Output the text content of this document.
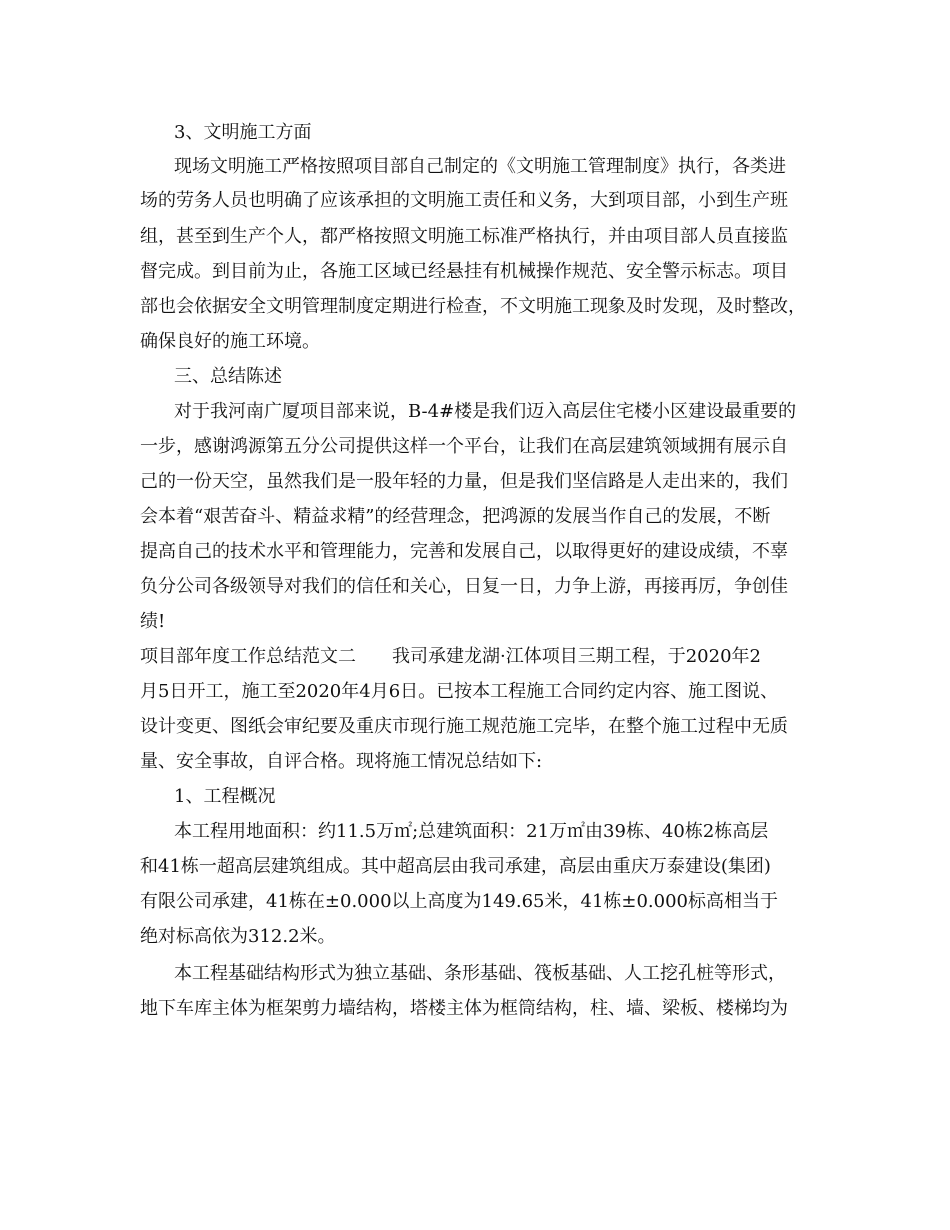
3、文明施工方面
现场文明施工严格按照项目部自己制定的《文明施工管理制度》执行，各类进
场的劳务人员也明确了应该承担的文明施工责任和义务，大到项目部，小到生产班
组，甚至到生产个人，都严格按照文明施工标准严格执行，并由项目部人员直接监
督完成。到目前为止，各施工区域已经悬挂有机械操作规范、安全警示标志。项目
部也会依据安全文明管理制度定期进行检查，不文明施工现象及时发现，及时整改，
确保良好的施工环境。
三、总结陈述
对于我河南广厦项目部来说，B-4#楼是我们迈入高层住宅楼小区建设最重要的
一步，感谢鸿源第五分公司提供这样一个平台，让我们在高层建筑领域拥有展示自
己的一份天空，虽然我们是一股年轻的力量，但是我们坚信路是人走出来的，我们
会本着“艰苦奋斗、精益求精”的经营理念，把鸿源的发展当作自己的发展，不断
提高自己的技术水平和管理能力，完善和发展自己，以取得更好的建设成绩，不辜
负分公司各级领导对我们的信任和关心，日复一日，力争上游，再接再厉，争创佳
绩!
项目部年度工作总结范文二　　我司承建龙湖·江体项目三期工程，于2020年2
月5日开工，施工至2020年4月6日。已按本工程施工合同约定内容、施工图说、
设计变更、图纸会审纪要及重庆市现行施工规范施工完毕，在整个施工过程中无质
量、安全事故，自评合格。现将施工情况总结如下:
1、工程概况
本工程用地面积：约11.5万㎡;总建筑面积：21万㎡由39栋、40栋2栋高层
和41栋一超高层建筑组成。其中超高层由我司承建，高层由重庆万泰建设(集团)
有限公司承建，41栋在±0.000以上高度为149.65米，41栋±0.000标高相当于
绝对标高依为312.2米。
本工程基础结构形式为独立基础、条形基础、筏板基础、人工挖孔桩等形式，
地下车库主体为框架剪力墙结构，塔楼主体为框筒结构，柱、墙、梁板、楼梯均为
